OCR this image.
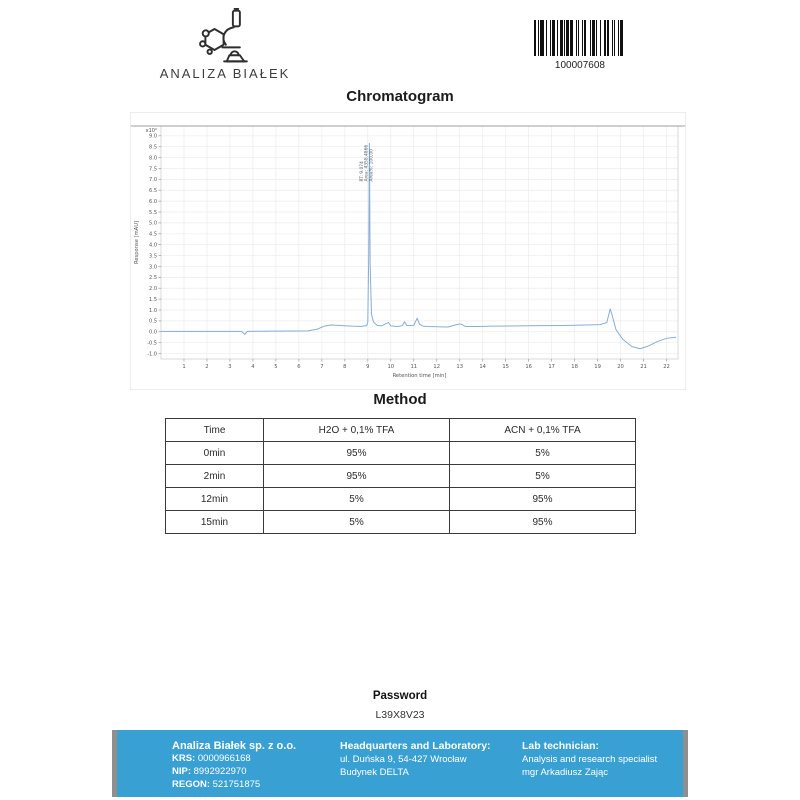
ANALIZA BIAŁEK
100007608
Chromatogram
1	2	3	4	5	6	7	8	9	10	11	12	13	14	15	16	17	18	19	20	21	22
9.0
8.5
8.0
7.5
7.0
6.5
6.0
5.5
5.0
4.5
4.0
3.5
3.0
2.5
2.0
1.5
1.0
0.5
0.0
-0.5
-1.0
x10²
Retention time [min]
Response [mAU]
RT: 9.074 Area: 4358.4866 Area%: 100,00
Method
Time	H2O + 0,1% TFA	ACN + 0,1% TFA
0min	95%	5%
2min	95%	5%
12min	5%	95%
15min	5%	95%
Password
L39X8V23
Analiza Białek sp. z o.o.
KRS: 0000966168
NIP: 8992922970
REGON: 521751875
Headquarters and Laboratory:
ul. Duńska 9, 54-427 Wrocław
Budynek DELTA
Lab technician:
Analysis and research specialist
mgr Arkadiusz Zając
